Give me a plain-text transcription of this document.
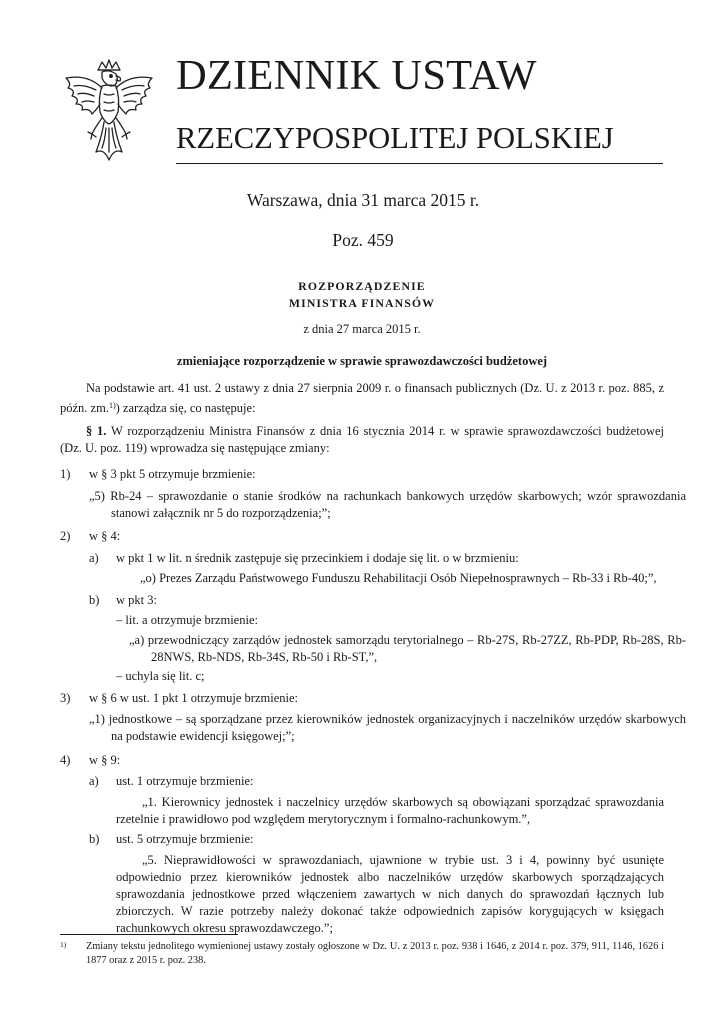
DZIENNIK USTAW
RZECZYPOSPOLITEJ POLSKIEJ
Warszawa, dnia 31 marca 2015 r.
Poz. 459
ROZPORZĄDZENIE
MINISTRA FINANSÓW
z dnia 27 marca 2015 r.
zmieniające rozporządzenie w sprawie sprawozdawczości budżetowej

Na podstawie art. 41 ust. 2 ustawy z dnia 27 sierpnia 2009 r. o finansach publicznych (Dz. U. z 2013 r. poz. 885, z późn. zm.$^{1)}$) zarządza się, co następuje:

§ 1. W rozporządzeniu Ministra Finansów z dnia 16 stycznia 2014 r. w sprawie sprawozdawczości budżetowej (Dz. U. poz. 119) wprowadza się następujące zmiany:

1) w § 3 pkt 5 otrzymuje brzmienie:

„5) Rb-24 – sprawozdanie o stanie środków na rachunkach bankowych urzędów skarbowych; wzór sprawozdania stanowi załącznik nr 5 do rozporządzenia;”;

2) w § 4:
a) w pkt 1 w lit. n średnik zastępuje się przecinkiem i dodaje się lit. o w brzmieniu:
„o) Prezes Zarządu Państwowego Funduszu Rehabilitacji Osób Niepełnosprawnych – Rb-33 i Rb-40;”,
b) w pkt 3:
– lit. a otrzymuje brzmienie:

„a) przewodniczący zarządów jednostek samorządu terytorialnego – Rb-27S, Rb-27ZZ, Rb-PDP, Rb-28S, Rb-28NWS, Rb-NDS, Rb-34S, Rb-50 i Rb-ST,”,

– uchyla się lit. c;
3) w § 6 w ust. 1 pkt 1 otrzymuje brzmienie:

„1) jednostkowe – są sporządzane przez kierowników jednostek organizacyjnych i naczelników urzędów skarbowych na podstawie ewidencji księgowej;”;

4) w § 9:
a) ust. 1 otrzymuje brzmienie:

„1. Kierownicy jednostek i naczelnicy urzędów skarbowych są obowiązani sporządzać sprawozdania rzetelnie i prawidłowo pod względem merytorycznym i formalno-rachunkowym.”,

b) ust. 5 otrzymuje brzmienie:

„5. Nieprawidłowości w sprawozdaniach, ujawnione w trybie ust. 3 i 4, powinny być usunięte odpowiednio przez kierowników jednostek albo naczelników urzędów skarbowych sporządzających sprawozdania jednostkowe przed włączeniem zawartych w nich danych do sprawozdań łącznych lub zbiorczych. W razie potrzeby należy dokonać także odpowiednich zapisów korygujących w księgach rachunkowych okresu sprawozdawczego.”;

1)	Zmiany tekstu jednolitego wymienionej ustawy zostały ogłoszone w Dz. U. z 2013 r. poz. 938 i 1646, z 2014 r. poz. 379, 911, 1146, 1626 i 1877 oraz z 2015 r. poz. 238.
